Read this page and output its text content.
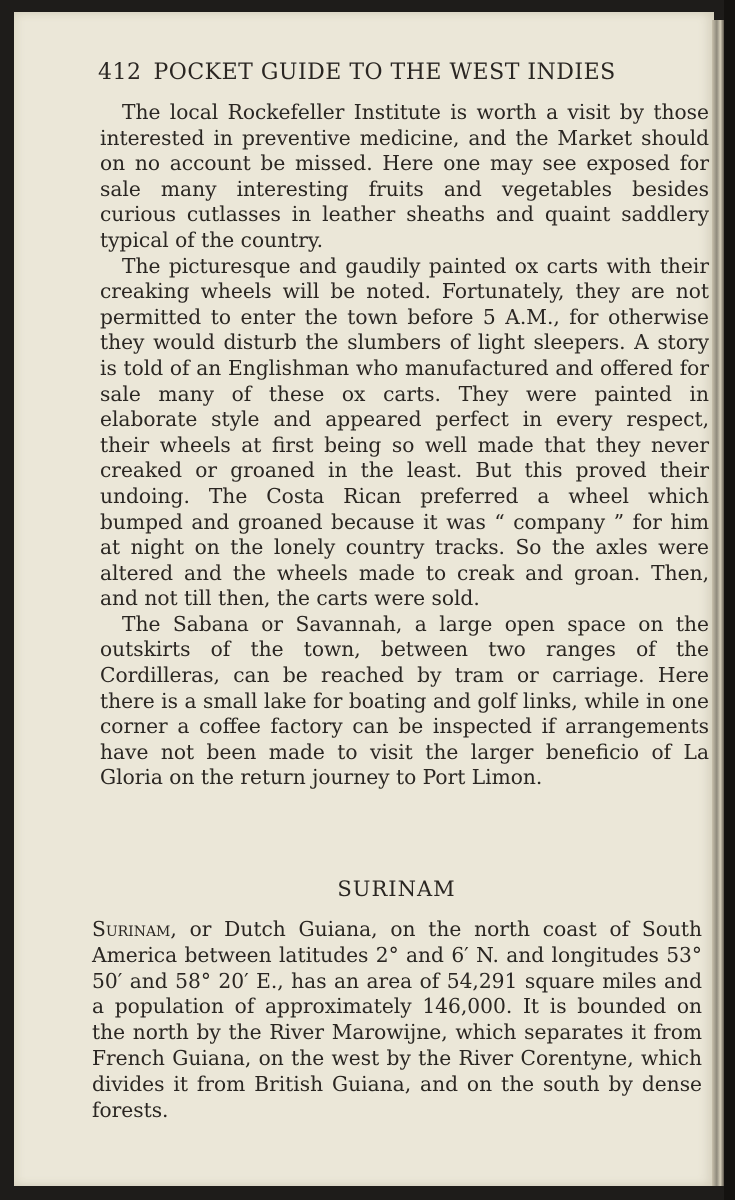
412 POCKET GUIDE TO THE WEST INDIES

The local Rockefeller Institute is worth a visit by those interested in preventive medicine, and the Market should on no account be missed. Here one may see exposed for sale many interesting fruits and vegetables besides curious cutlasses in leather sheaths and quaint saddlery typical of the country.

The picturesque and gaudily painted ox carts with their creaking wheels will be noted. Fortunately, they are not permitted to enter the town before 5 A.M., for otherwise they would disturb the slumbers of light sleepers. A story is told of an Englishman who manufactured and offered for sale many of these ox carts. They were painted in elaborate style and appeared perfect in every respect, their wheels at first being so well made that they never creaked or groaned in the least. But this proved their undoing. The Costa Rican preferred a wheel which bumped and groaned because it was “ company ” for him at night on the lonely country tracks. So the axles were altered and the wheels made to creak and groan. Then, and not till then, the carts were sold.

The Sabana or Savannah, a large open space on the outskirts of the town, between two ranges of the Cordilleras, can be reached by tram or carriage. Here there is a small lake for boating and golf links, while in one corner a coffee factory can be inspected if arrangements have not been made to visit the larger beneficio of La Gloria on the return journey to Port Limon.

SURINAM
Surinam, or Dutch Guiana, on the north coast of South America between latitudes 2° and 6′ N. and longitudes 53° 50′ and 58° 20′ E., has an area of 54,291 square miles and a population of approximately 146,000. It is bounded on the north by the River Marowijne, which separates it from French Guiana, on the west by the River Corentyne, which divides it from British Guiana, and on the south by dense forests.
